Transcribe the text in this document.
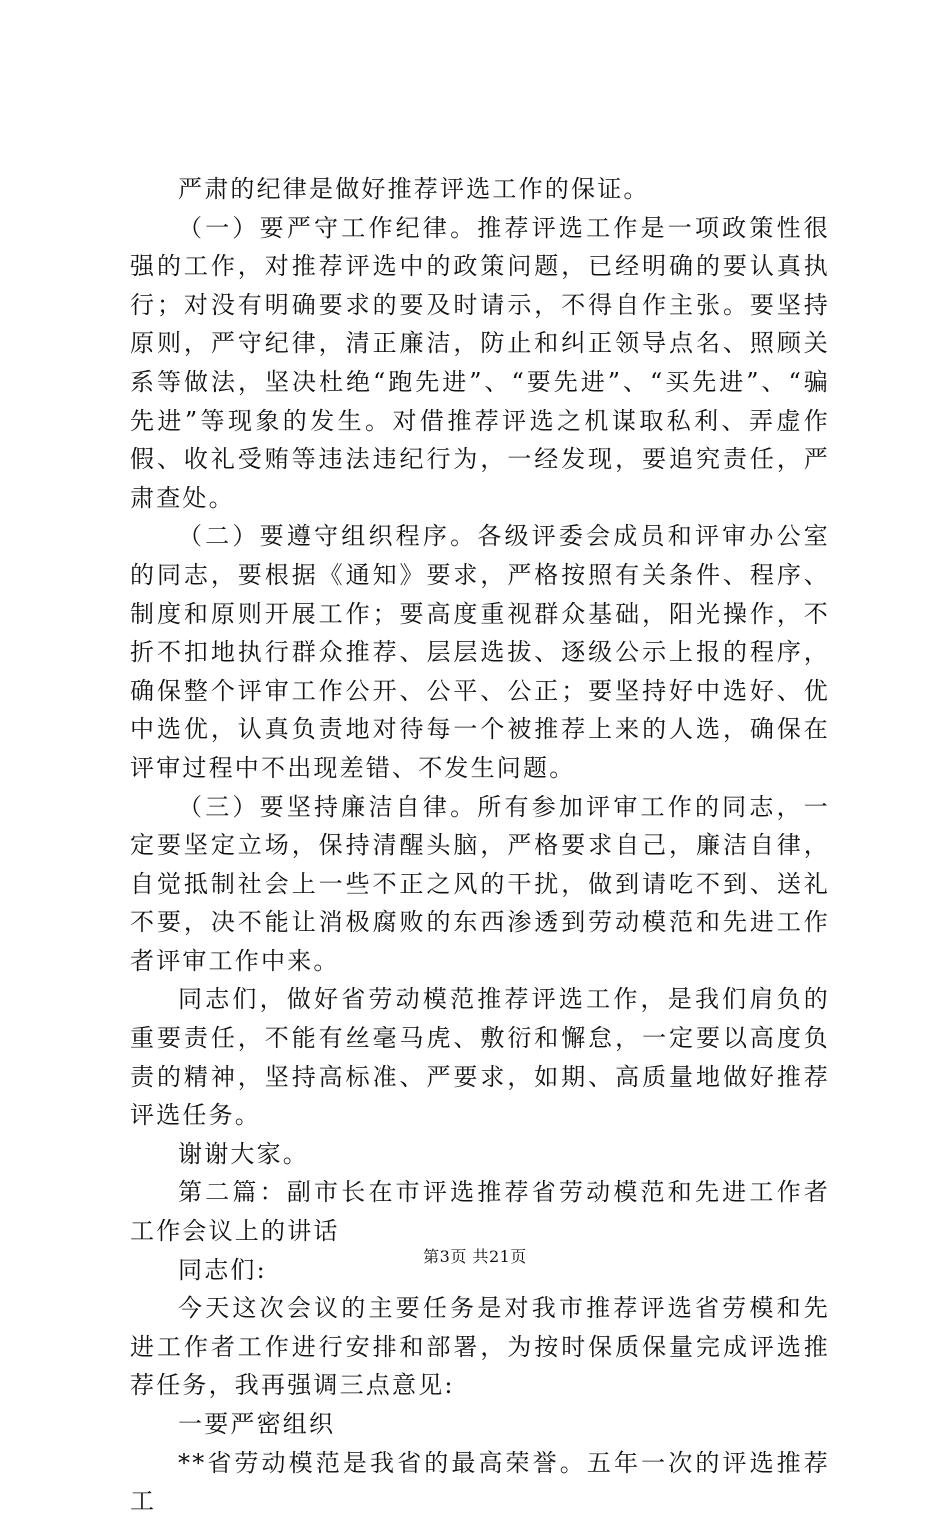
严肃的纪律是做好推荐评选工作的保证。

（一）要严守工作纪律。推荐评选工作是一项政策性很强的工作，对推荐评选中的政策问题，已经明确的要认真执行；对没有明确要求的要及时请示，不得自作主张。要坚持原则，严守纪律，清正廉洁，防止和纠正领导点名、照顾关系等做法，坚决杜绝“跑先进”、“要先进”、“买先进”、“骗先进”等现象的发生。对借推荐评选之机谋取私利、弄虚作假、收礼受贿等违法违纪行为，一经发现，要追究责任，严肃查处。

（二）要遵守组织程序。各级评委会成员和评审办公室的同志，要根据《通知》要求，严格按照有关条件、程序、制度和原则开展工作；要高度重视群众基础，阳光操作，不折不扣地执行群众推荐、层层选拔、逐级公示上报的程序，确保整个评审工作公开、公平、公正；要坚持好中选好、优中选优，认真负责地对待每一个被推荐上来的人选，确保在评审过程中不出现差错、不发生问题。

（三）要坚持廉洁自律。所有参加评审工作的同志，一定要坚定立场，保持清醒头脑，严格要求自己，廉洁自律，自觉抵制社会上一些不正之风的干扰，做到请吃不到、送礼不要，决不能让消极腐败的东西渗透到劳动模范和先进工作者评审工作中来。

同志们，做好省劳动模范推荐评选工作，是我们肩负的重要责任，不能有丝毫马虎、敷衍和懈怠，一定要以高度负责的精神，坚持高标准、严要求，如期、高质量地做好推荐评选任务。

谢谢大家。

第二篇：副市长在市评选推荐省劳动模范和先进工作者工作会议上的讲话

同志们:

今天这次会议的主要任务是对我市推荐评选省劳模和先进工作者工作进行安排和部署，为按时保质保量完成评选推荐任务，我再强调三点意见:

一要严密组织

**省劳动模范是我省的最高荣誉。五年一次的评选推荐工

第3页 共21页
